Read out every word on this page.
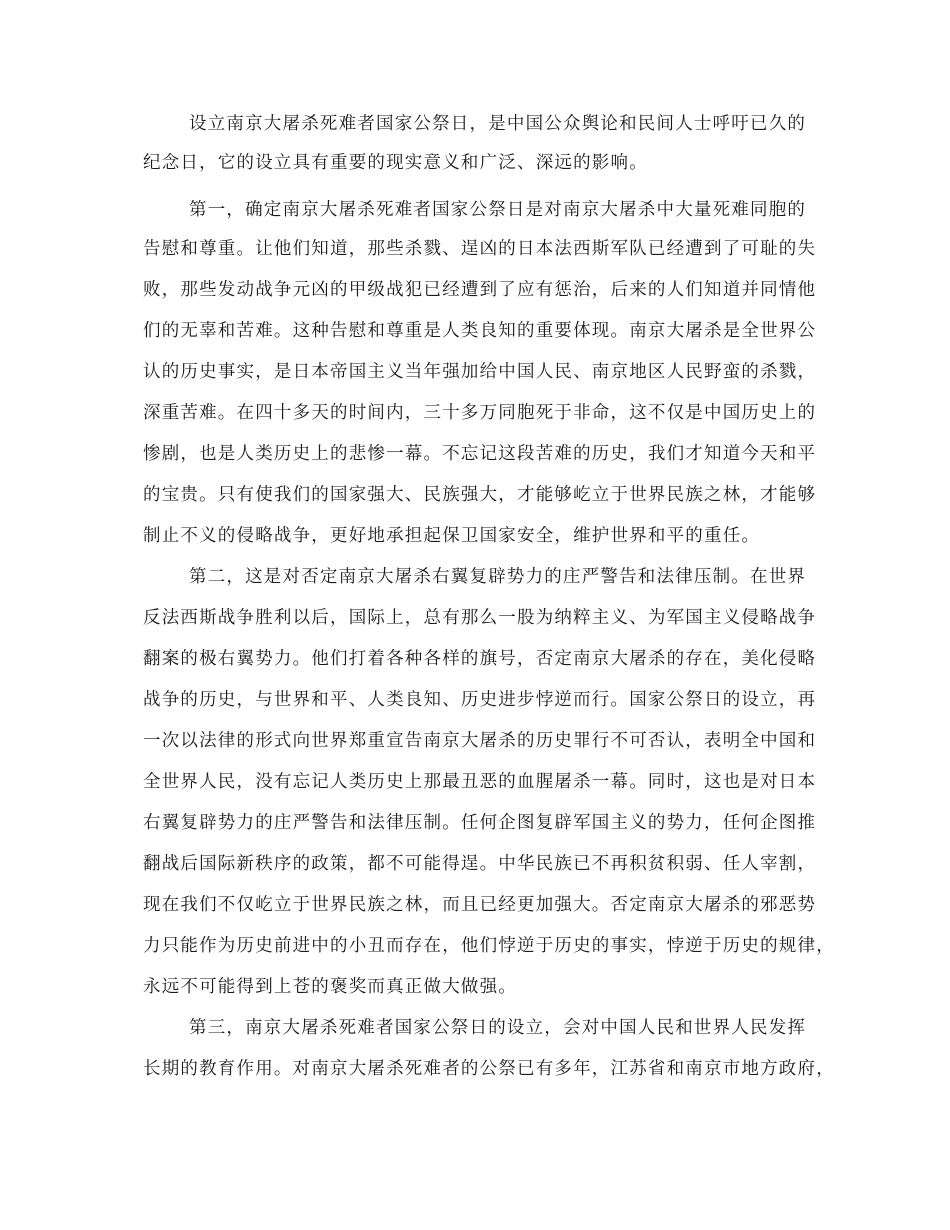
设立南京大屠杀死难者国家公祭日，是中国公众舆论和民间人士呼吁已久的
纪念日，它的设立具有重要的现实意义和广泛、深远的影响。
第一，确定南京大屠杀死难者国家公祭日是对南京大屠杀中大量死难同胞的
告慰和尊重。让他们知道，那些杀戮、逞凶的日本法西斯军队已经遭到了可耻的失
败，那些发动战争元凶的甲级战犯已经遭到了应有惩治，后来的人们知道并同情他
们的无辜和苦难。这种告慰和尊重是人类良知的重要体现。南京大屠杀是全世界公
认的历史事实，是日本帝国主义当年强加给中国人民、南京地区人民野蛮的杀戮，
深重苦难。在四十多天的时间内，三十多万同胞死于非命，这不仅是中国历史上的
惨剧，也是人类历史上的悲惨一幕。不忘记这段苦难的历史，我们才知道今天和平
的宝贵。只有使我们的国家强大、民族强大，才能够屹立于世界民族之林，才能够
制止不义的侵略战争，更好地承担起保卫国家安全，维护世界和平的重任。
第二，这是对否定南京大屠杀右翼复辟势力的庄严警告和法律压制。在世界
反法西斯战争胜利以后，国际上，总有那么一股为纳粹主义、为军国主义侵略战争
翻案的极右翼势力。他们打着各种各样的旗号，否定南京大屠杀的存在，美化侵略
战争的历史，与世界和平、人类良知、历史进步悖逆而行。国家公祭日的设立，再
一次以法律的形式向世界郑重宣告南京大屠杀的历史罪行不可否认，表明全中国和
全世界人民，没有忘记人类历史上那最丑恶的血腥屠杀一幕。同时，这也是对日本
右翼复辟势力的庄严警告和法律压制。任何企图复辟军国主义的势力，任何企图推
翻战后国际新秩序的政策，都不可能得逞。中华民族已不再积贫积弱、任人宰割，
现在我们不仅屹立于世界民族之林，而且已经更加强大。否定南京大屠杀的邪恶势
力只能作为历史前进中的小丑而存在，他们悖逆于历史的事实，悖逆于历史的规律，
永远不可能得到上苍的褒奖而真正做大做强。
第三，南京大屠杀死难者国家公祭日的设立，会对中国人民和世界人民发挥
长期的教育作用。对南京大屠杀死难者的公祭已有多年，江苏省和南京市地方政府，
